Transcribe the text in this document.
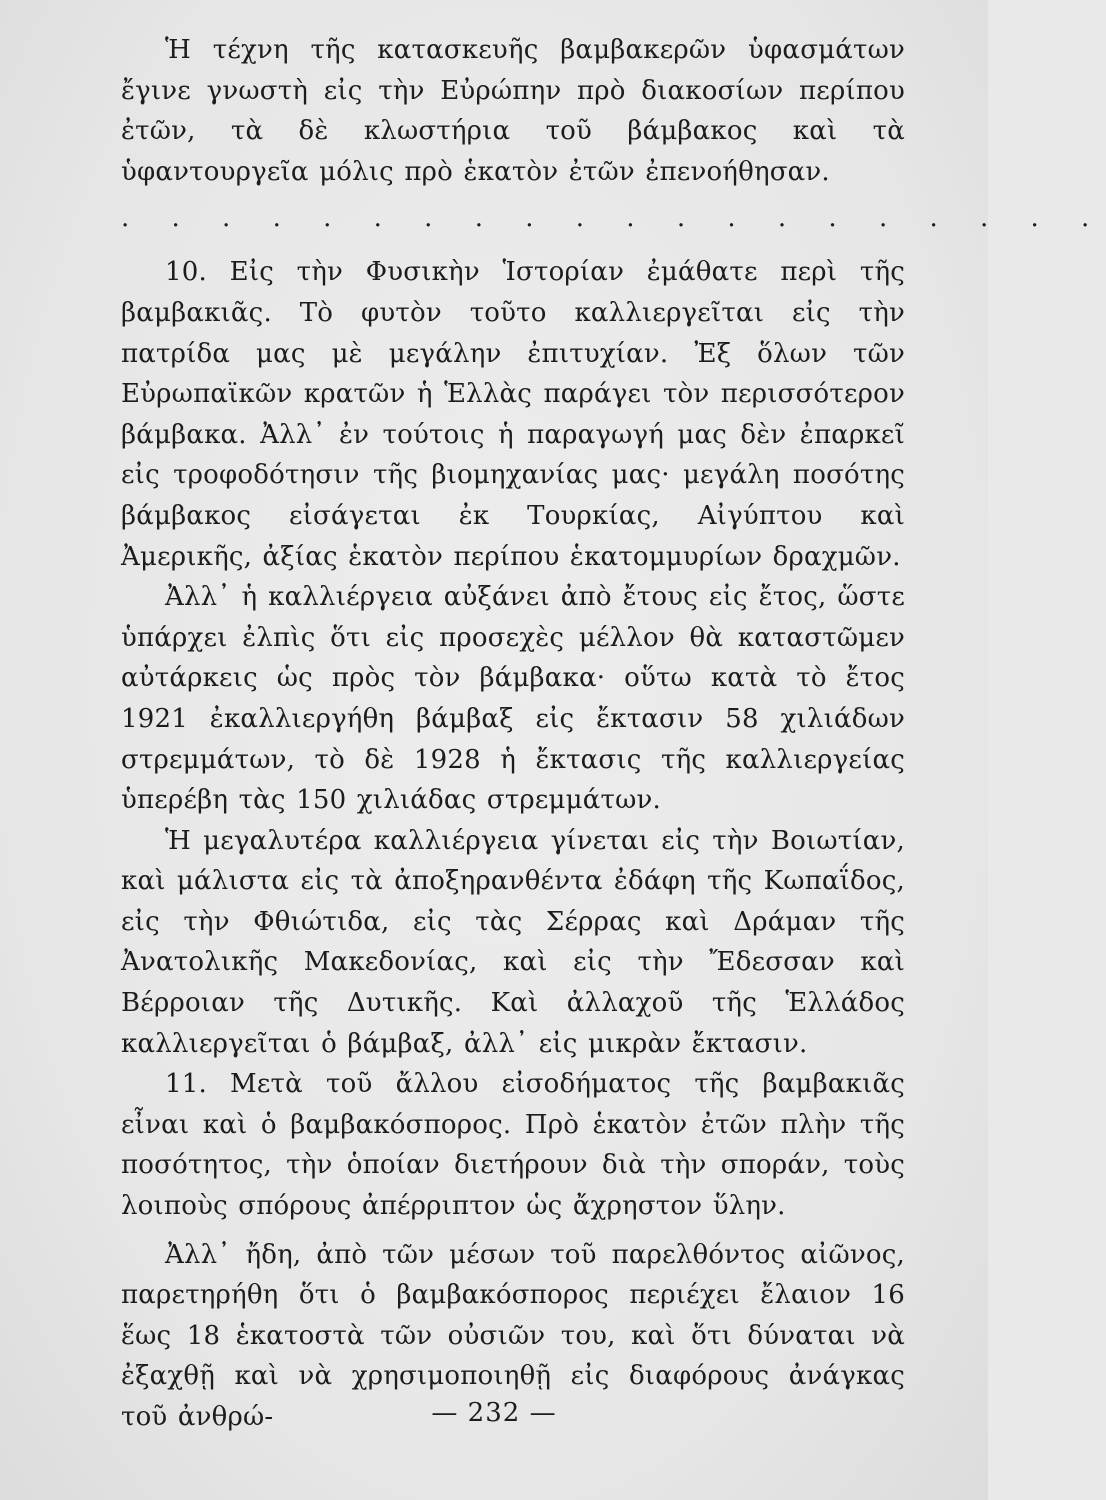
Ἡ τέχνη τῆς κατασκευῆς βαμβακερῶν ὑφασμάτων ἔγινε γνωστὴ εἰς τὴν Εὐρώπην πρὸ διακοσίων περίπου ἐτῶν, τὰ δὲ κλωστήρια τοῦ βάμβακος καὶ τὰ ὑφαντουργεῖα μόλις πρὸ ἑκατὸν ἐτῶν ἐπενοήθησαν.

. . . . . . . . . . . . . . . . . . . .

10. Εἰς τὴν Φυσικὴν Ἱστορίαν ἐμάθατε περὶ τῆς βαμβακιᾶς. Τὸ φυτὸν τοῦτο καλλιεργεῖται εἰς τὴν πατρίδα μας μὲ μεγάλην ἐπιτυχίαν. Ἐξ ὅλων τῶν Εὐρωπαϊκῶν κρατῶν ἡ Ἑλλὰς παράγει τὸν περισσότερον βάμβακα. Ἀλλ᾿ ἐν τούτοις ἡ παραγωγή μας δὲν ἐπαρκεῖ εἰς τροφοδότησιν τῆς βιομηχανίας μας· μεγάλη ποσότης βάμβακος εἰσάγεται ἐκ Τουρκίας, Αἰγύπτου καὶ Ἀμερικῆς, ἀξίας ἑκατὸν περίπου ἑκατομμυρίων δραχμῶν.

Ἀλλ᾿ ἡ καλλιέργεια αὐξάνει ἀπὸ ἔτους εἰς ἔτος, ὥστε ὑπάρχει ἐλπὶς ὅτι εἰς προσεχὲς μέλλον θὰ καταστῶμεν αὐτάρκεις ὡς πρὸς τὸν βάμβακα· οὕτω κατὰ τὸ ἔτος 1921 ἐκαλλιεργήθη βάμβαξ εἰς ἔκτασιν 58 χιλιάδων στρεμμάτων, τὸ δὲ 1928 ἡ ἔκτασις τῆς καλλιεργείας ὑπερέβη τὰς 150 χιλιάδας στρεμμάτων.

Ἡ μεγαλυτέρα καλλιέργεια γίνεται εἰς τὴν Βοιωτίαν, καὶ μάλιστα εἰς τὰ ἀποξηρανθέντα ἐδάφη τῆς Κωπαΐδος, εἰς τὴν Φθιώτιδα, εἰς τὰς Σέρρας καὶ Δράμαν τῆς Ἀνατολικῆς Μακεδονίας, καὶ εἰς τὴν Ἔδεσσαν καὶ Βέρροιαν τῆς Δυτικῆς. Καὶ ἀλλαχοῦ τῆς Ἑλλάδος καλλιεργεῖται ὁ βάμβαξ, ἀλλ᾿ εἰς μικρὰν ἔκτασιν.

11. Μετὰ τοῦ ἄλλου εἰσοδήματος τῆς βαμβακιᾶς εἶναι καὶ ὁ βαμβακόσπορος. Πρὸ ἑκατὸν ἐτῶν πλὴν τῆς ποσότητος, τὴν ὁποίαν διετήρουν διὰ τὴν σποράν, τοὺς λοιποὺς σπόρους ἀπέρριπτον ὡς ἄχρηστον ὕλην.

Ἀλλ᾿ ἤδη, ἀπὸ τῶν μέσων τοῦ παρελθόντος αἰῶνος, παρετηρήθη ὅτι ὁ βαμβακόσπορος περιέχει ἔλαιον 16 ἕως 18 ἑκατοστὰ τῶν οὐσιῶν του, καὶ ὅτι δύναται νὰ ἐξαχθῇ καὶ νὰ χρησιμοποιηθῇ εἰς διαφόρους ἀνάγκας τοῦ ἀνθρώ-	— 232 —
